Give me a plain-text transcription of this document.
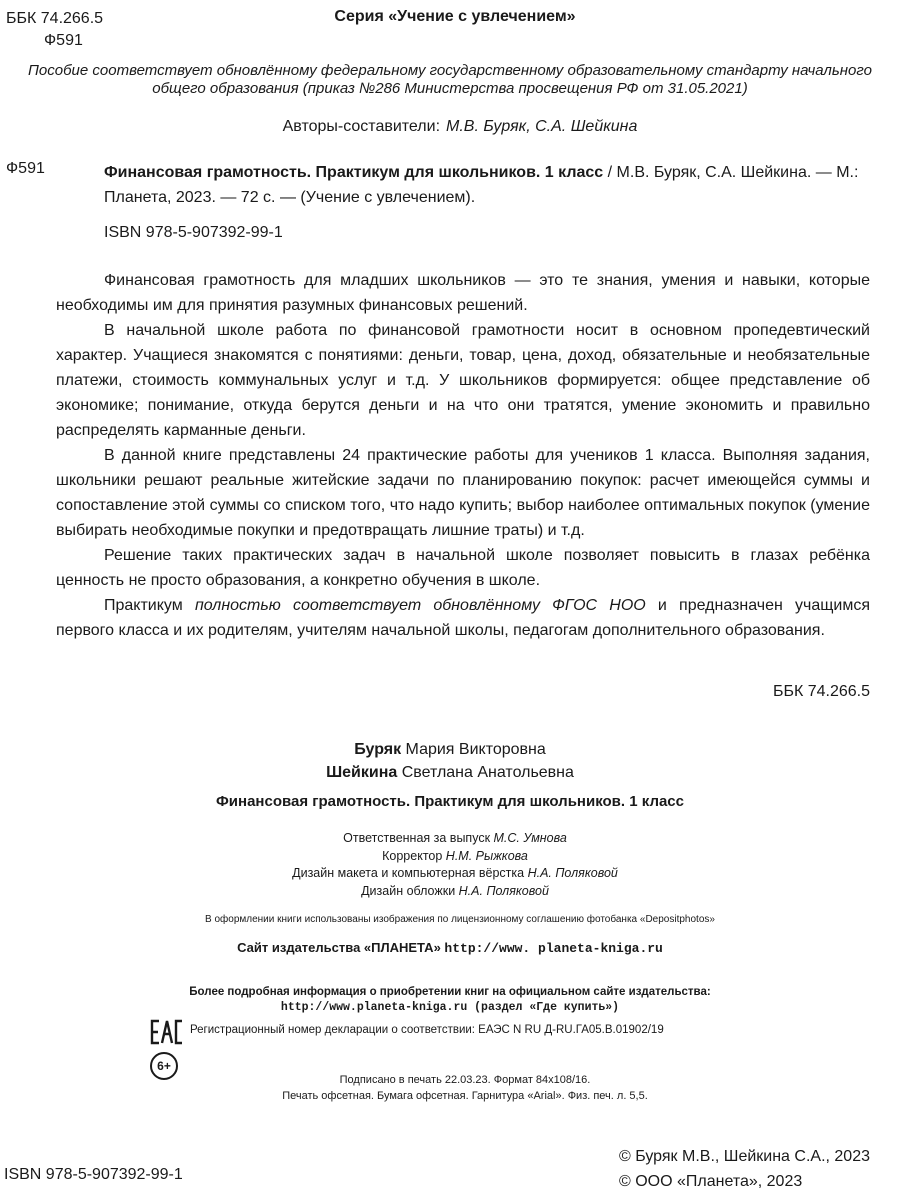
ББК 74.266.5
Ф591
Серия «Учение с увлечением»
Пособие соответствует обновлённому федеральному государственному образовательному стандарту начального общего образования (приказ №286 Министерства просвещения РФ от 31.05.2021)
Авторы-составители: М.В. Буряк, С.А. Шейкина
Ф591	Финансовая грамотность. Практикум для школьников. 1 класс / М.В. Буряк, С.А. Шейкина. — М.: Планета, 2023. — 72 с. — (Учение с увлечением).
ISBN 978-5-907392-99-1

Финансовая грамотность для младших школьников — это те знания, умения и навыки, которые необходимы им для принятия разумных финансовых решений.

В начальной школе работа по финансовой грамотности носит в основном пропедевтический характер. Учащиеся знакомятся с понятиями: деньги, товар, цена, доход, обязательные и необязательные платежи, стоимость коммунальных услуг и т.д. У школьников формируется: общее представление об экономике; понимание, откуда берутся деньги и на что они тратятся, умение экономить и правильно распределять карманные деньги.

В данной книге представлены 24 практические работы для учеников 1 класса. Выполняя задания, школьники решают реальные житейские задачи по планированию покупок: расчет имеющейся суммы и сопоставление этой суммы со списком того, что надо купить; выбор наиболее оптимальных покупок (умение выбирать необходимые покупки и предотвращать лишние траты) и т.д.

Решение таких практических задач в начальной школе позволяет повысить в глазах ребёнка ценность не просто образования, а конкретно обучения в школе.

Практикум полностью соответствует обновлённому ФГОС НОО и предназначен учащимся первого класса и их родителям, учителям начальной школы, педагогам дополнительного образования.

ББК 74.266.5
Буряк Мария Викторовна
Шейкина Светлана Анатольевна
Финансовая грамотность. Практикум для школьников. 1 класс
Ответственная за выпуск М.С. Умнова
Корректор Н.М. Рыжкова
Дизайн макета и компьютерная вёрстка Н.А. Поляковой
Дизайн обложки Н.А. Поляковой
В оформлении книги использованы изображения по лицензионному соглашению фотобанка «Depositphotos»
Сайт издательства «ПЛАНЕТА» http://www. planeta-kniga.ru
Более подробная информация о приобретении книг на официальном сайте издательства:
http://www.planeta-kniga.ru (раздел «Где купить»)
Регистрационный номер декларации о соответствии: ЕАЭС N RU Д-RU.ГА05.В.01902/19
6+
Подписано в печать 22.03.23. Формат 84х108/16.
Печать офсетная. Бумага офсетная. Гарнитура «Arial». Физ. печ. л. 5,5.
ISBN 978-5-907392-99-1
© Буряк М.В., Шейкина С.А., 2023
© ООО «Планета», 2023
